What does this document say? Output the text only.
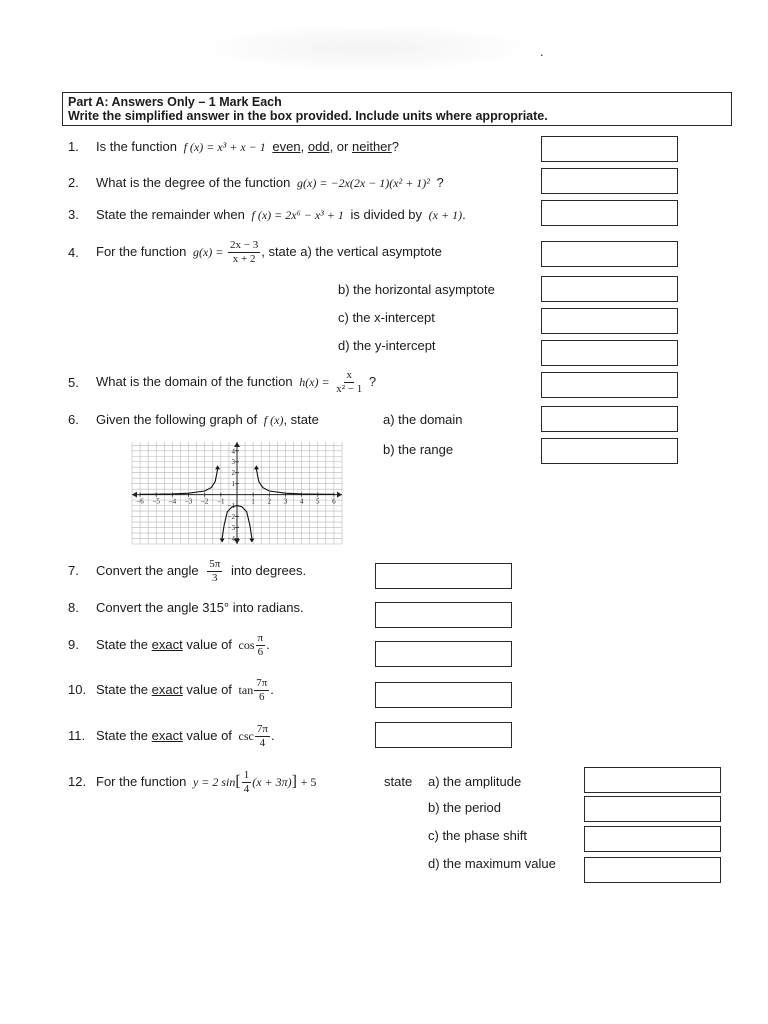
.
Part A: Answers Only – 1 Mark Each
Write the simplified answer in the box provided. Include units where appropriate.
1. Is the function f (x) = x³ + x − 1 even, odd, or neither?
2. What is the degree of the function g(x) = −2x(2x − 1)(x² + 1)² ?
3. State the remainder when f (x) = 2x⁶ − x³ + 1 is divided by (x + 1).
4. For the function $g(x) = \frac{2x - 3}{x + 2}$ , state a) the vertical asymptote
b) the horizontal asymptote
c) the x-intercept
d) the y-intercept
5. What is the domain of the function $h(x) = \frac{x}{\text{x² − 1}}$ ?
6. Given the following graph of f (x), state	a) the domain
b) the range
−6 −5 −4 −3 −2 −1	1 2 3 4 5 6
4
3
2
1
−1
−2
−3
−4
7. Convert the angle $\frac{5\pi}{3}$ into degrees.
8. Convert the angle 315° into radians.
9. State the exact value of $\cos \frac{\pi}{6}$ .
10. State the exact value of $\tan \frac{7\pi}{6}$ .
11. State the exact value of $\csc \frac{7\pi}{4}$ .
12. For the function y = 2 $\sin[ \frac{1}{4} (x + 3\pi)] + 5$	state a) the amplitude
b) the period
c) the phase shift
d) the maximum value
